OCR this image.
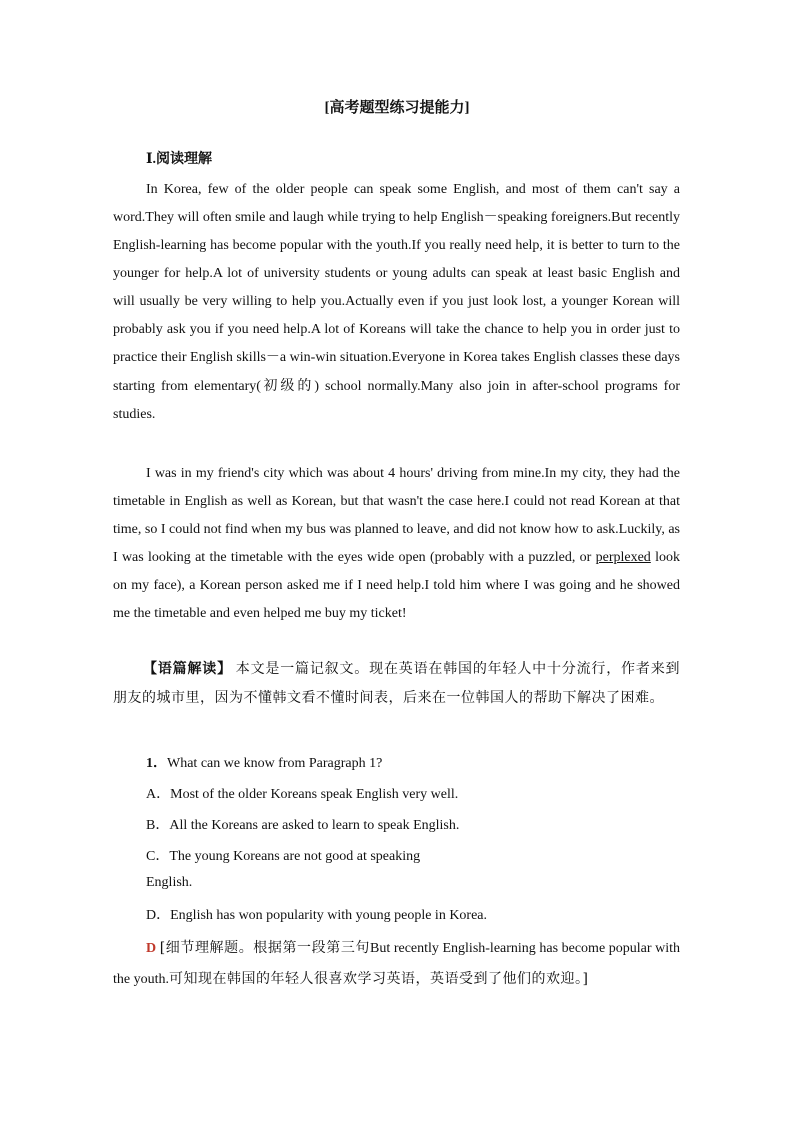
[高考题型练习提能力]
Ⅰ.阅读理解

In Korea, few of the older people can speak some English, and most of them can't say a word.They will often smile and laugh while trying to help English－speaking foreigners.But recently English-learning has become popular with the youth.If you really need help, it is better to turn to the younger for help.A lot of university students or young adults can speak at least basic English and will usually be very willing to help you.Actually even if you just look lost, a younger Korean will probably ask you if you need help.A lot of Koreans will take the chance to help you in order just to practice their English skills－a win-win situation.Everyone in Korea takes English classes these days starting from elementary(初级的) school normally.Many also join in after-school programs for studies.

I was in my friend's city which was about 4 hours' driving from mine.In my city, they had the timetable in English as well as Korean, but that wasn't the case here.I could not read Korean at that time, so I could not find when my bus was planned to leave, and did not know how to ask.Luckily, as I was looking at the timetable with the eyes wide open (probably with a puzzled, or perplexed look on my face), a Korean person asked me if I need help.I told him where I was going and he showed me the timetable and even helped me buy my ticket!

【语篇解读】 本文是一篇记叙文。现在英语在韩国的年轻人中十分流行，作者来到朋友的城市里，因为不懂韩文看不懂时间表，后来在一位韩国人的帮助下解决了困难。

1．What can we know from Paragraph 1?
A．Most of the older Koreans speak English very well.
B．All the Koreans are asked to learn to speak English.
C．The young Koreans are not good at speaking
English.
D．English has won popularity with young people in Korea.

D [细节理解题。根据第一段第三句But recently English-learning has become popular with the youth.可知现在韩国的年轻人很喜欢学习英语，英语受到了他们的欢迎。]
